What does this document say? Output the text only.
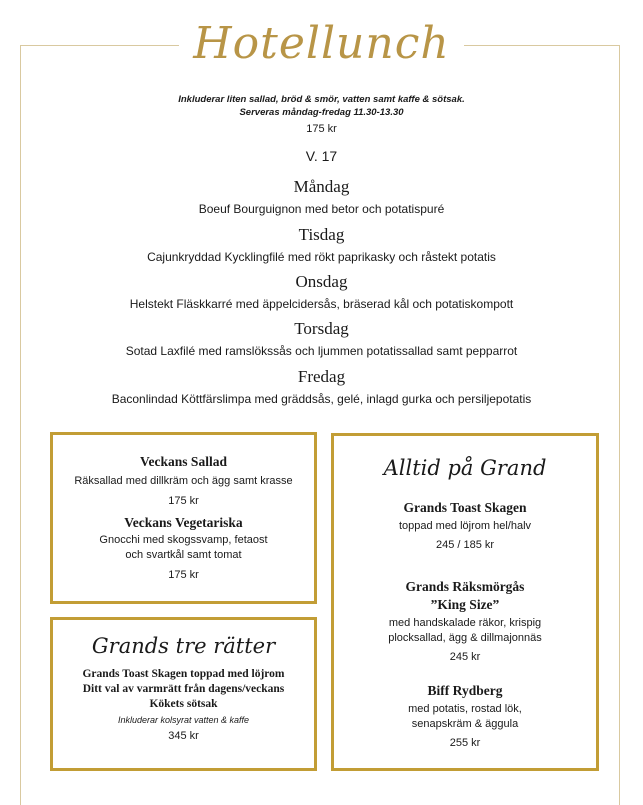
Hotellunch
Inkluderar liten sallad, bröd & smör, vatten samt kaffe & sötsak.
Serveras måndag-fredag 11.30-13.30
175 kr
V. 17
Måndag
Boeuf Bourguignon med betor och potatispuré
Tisdag
Cajunkryddad Kycklingfilé med rökt paprikasky och råstekt potatis
Onsdag
Helstekt Fläskkarré med äppelcidersås, bräserad kål och potatiskompott
Torsdag
Sotad Laxfilé med ramslökssås och ljummen potatissallad samt pepparrot
Fredag
Baconlindad Köttfärslimpa med gräddsås, gelé, inlagd gurka och persiljepotatis
Veckans Sallad
Räksallad med dillkräm och ägg samt krasse
175 kr
Veckans Vegetariska
Gnocchi med skogssvamp, fetaost
och svartkål samt tomat
175 kr
Grands tre rätter
Grands Toast Skagen toppad med löjrom
Ditt val av varmrätt från dagens/veckans
Kökets sötsak
Inkluderar kolsyrat vatten & kaffe
345 kr
Alltid på Grand
Grands Toast Skagen
toppad med löjrom hel/halv
245 / 185 kr
Grands Räksmörgås
”King Size”
med handskalade räkor, krispig
plocksallad, ägg & dillmajonnäs
245 kr
Biff Rydberg
med potatis, rostad lök,
senapskräm & äggula
255 kr
